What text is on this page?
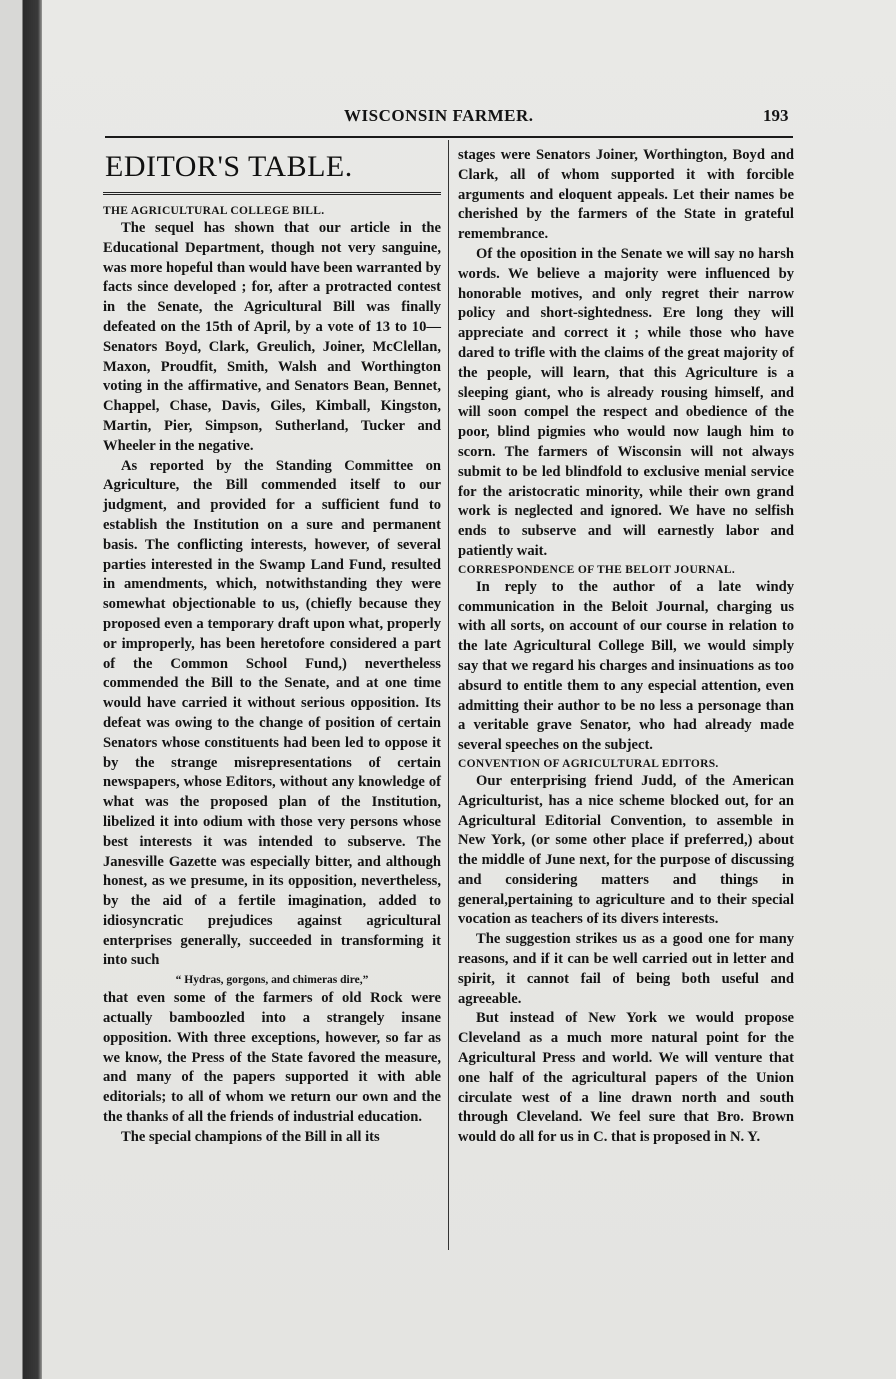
WISCONSIN FARMER.	193
EDITOR'S TABLE.

THE AGRICULTURAL COLLEGE BILL.

The sequel has shown that our article in the Educational Department, though not very sanguine, was more hopeful than would have been warranted by facts since developed ; for, after a protracted contest in the Senate, the Agricultural Bill was finally defeated on the 15th of April, by a vote of 13 to 10—Senators Boyd, Clark, Greulich, Joiner, McClellan, Maxon, Proudfit, Smith, Walsh and Worthington voting in the affirmative, and Senators Bean, Bennet, Chappel, Chase, Davis, Giles, Kimball, Kingston, Martin, Pier, Simpson, Sutherland, Tucker and Wheeler in the negative.

As reported by the Standing Committee on Agriculture, the Bill commended itself to our judgment, and provided for a sufficient fund to establish the Institution on a sure and permanent basis. The conflicting interests, however, of several parties interested in the Swamp Land Fund, resulted in amendments, which, notwithstanding they were somewhat objectionable to us, (chiefly because they proposed even a temporary draft upon what, properly or improperly, has been heretofore considered a part of the Common School Fund,) nevertheless commended the Bill to the Senate, and at one time would have carried it without serious opposition. Its defeat was owing to the change of position of certain Senators whose constituents had been led to oppose it by the strange misrepresentations of certain newspapers, whose Editors, without any knowledge of what was the proposed plan of the Institution, libelized it into odium with those very persons whose best interests it was intended to subserve. The Janesville Gazette was especially bitter, and although honest, as we presume, in its opposition, nevertheless, by the aid of a fertile imagination, added to idiosyncratic prejudices against agricultural enterprises generally, succeeded in transforming it into such

“ Hydras, gorgons, and chimeras dire,”

that even some of the farmers of old Rock were actually bamboozled into a strangely insane opposition. With three exceptions, however, so far as we know, the Press of the State favored the measure, and many of the papers supported it with able editorials; to all of whom we return our own and the the thanks of all the friends of industrial education.

The special champions of the Bill in all its

stages were Senators Joiner, Worthington, Boyd and Clark, all of whom supported it with forcible arguments and eloquent appeals. Let their names be cherished by the farmers of the State in grateful remembrance.

Of the oposition in the Senate we will say no harsh words. We believe a majority were influenced by honorable motives, and only regret their narrow policy and short-sightedness. Ere long they will appreciate and correct it ; while those who have dared to trifle with the claims of the great majority of the people, will learn, that this Agriculture is a sleeping giant, who is already rousing himself, and will soon compel the respect and obedience of the poor, blind pigmies who would now laugh him to scorn. The farmers of Wisconsin will not always submit to be led blindfold to exclusive menial service for the aristocratic minority, while their own grand work is neglected and ignored. We have no selfish ends to subserve and will earnestly labor and patiently wait.

CORRESPONDENCE OF THE BELOIT JOURNAL.

In reply to the author of a late windy communication in the Beloit Journal, charging us with all sorts, on account of our course in relation to the late Agricultural College Bill, we would simply say that we regard his charges and insinuations as too absurd to entitle them to any especial attention, even admitting their author to be no less a personage than a veritable grave Senator, who had already made several speeches on the subject.

CONVENTION OF AGRICULTURAL EDITORS.

Our enterprising friend Judd, of the American Agriculturist, has a nice scheme blocked out, for an Agricultural Editorial Convention, to assemble in New York, (or some other place if preferred,) about the middle of June next, for the purpose of discussing and considering matters and things in general,pertaining to agriculture and to their special vocation as teachers of its divers interests.

The suggestion strikes us as a good one for many reasons, and if it can be well carried out in letter and spirit, it cannot fail of being both useful and agreeable.

But instead of New York we would propose Cleveland as a much more natural point for the Agricultural Press and world. We will venture that one half of the agricultural papers of the Union circulate west of a line drawn north and south through Cleveland. We feel sure that Bro. Brown would do all for us in C. that is proposed in N. Y.
